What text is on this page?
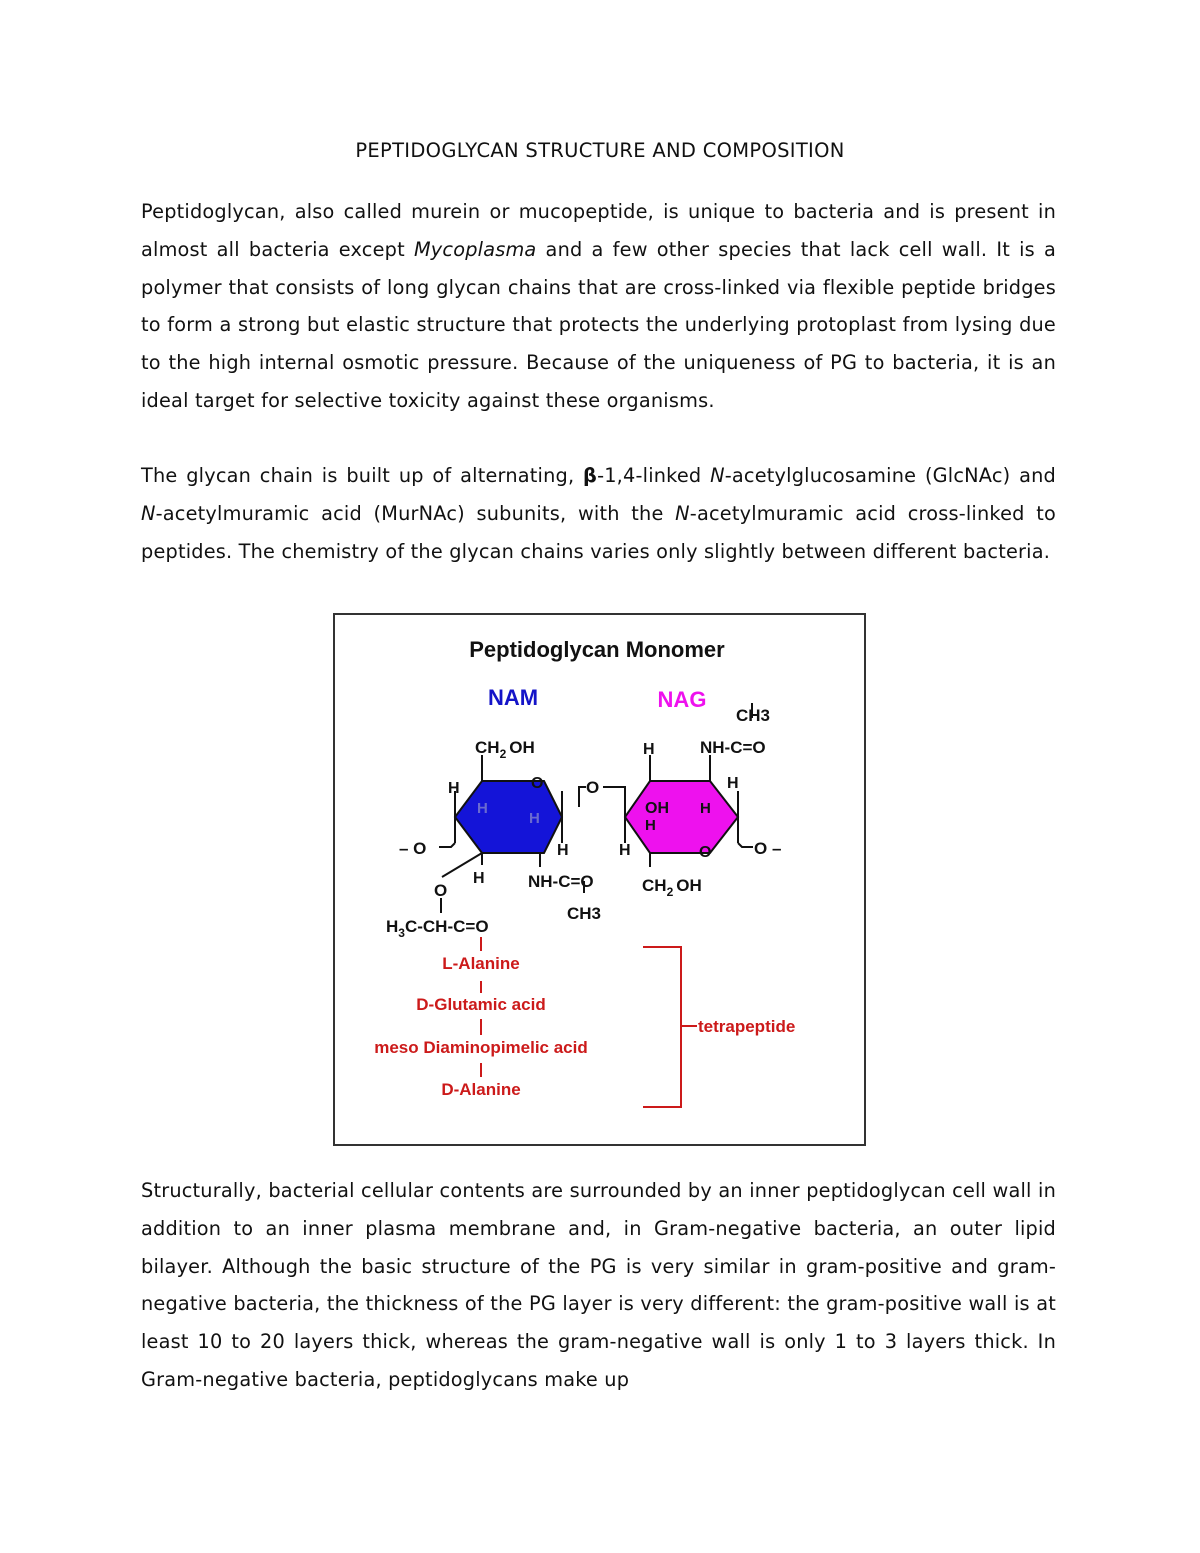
PEPTIDOGLYCAN STRUCTURE AND COMPOSITION

Peptidoglycan, also called murein or mucopeptide, is unique to bacteria and is present in almost all bacteria except Mycoplasma and a few other species that lack cell wall. It is a polymer that consists of long glycan chains that are cross-linked via flexible peptide bridges to form a strong but elastic structure that protects the underlying protoplast from lysing due to the high internal osmotic pressure. Because of the uniqueness of PG to bacteria, it is an ideal target for selective toxicity against these organisms.

The glycan chain is built up of alternating, β-1,4-linked N-acetylglucosamine (GlcNAc) and N-acetylmuramic acid (MurNAc) subunits, with the N-acetylmuramic acid cross-linked to peptides. The chemistry of the glycan chains varies only slightly between different bacteria.

Peptidoglycan Monomer
NAM	NAG
$CH_2$ OH
H
H
H
O
H
H	NH-C=O
CH3
O
CH3
H	NH-C=O
H
OH
H
H
H	O
$CH_2$ OH
– O	O –
O
$H_3C-CH-C=O$
L-Alanine
D-Glutamic acid
meso Diaminopimelic acid
D-Alanine
tetrapeptide

Structurally, bacterial cellular contents are surrounded by an inner peptidoglycan cell wall in addition to an inner plasma membrane and, in Gram-negative bacteria, an outer lipid bilayer. Although the basic structure of the PG is very similar in gram-positive and gram-negative bacteria, the thickness of the PG layer is very different: the gram-positive wall is at least 10 to 20 layers thick, whereas the gram-negative wall is only 1 to 3 layers thick. In Gram-negative bacteria, peptidoglycans make up
